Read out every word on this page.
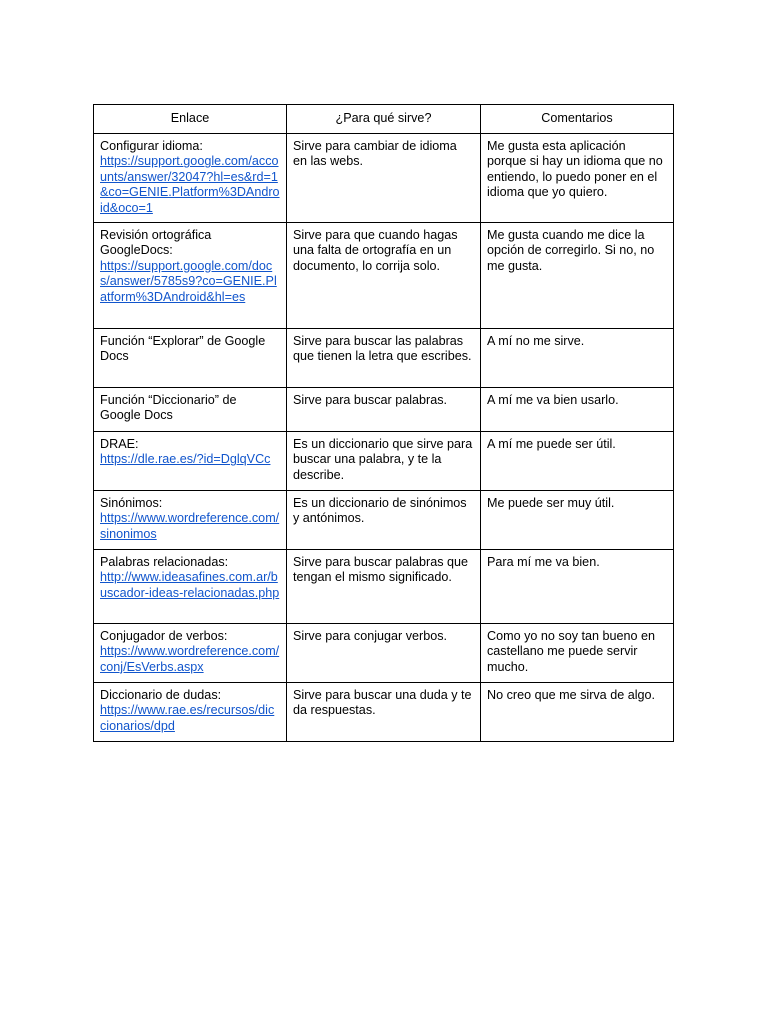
Enlace	¿Para qué sirve?	Comentarios

Configurar idioma:
https://support.google.com/accounts/answer/32047?hl=es&rd=1&co=GENIE.Platform%3DAndroid&oco=1	Sirve para cambiar de idioma en las webs.	Me gusta esta aplicación porque si hay un idioma que no entiendo, lo puedo poner en el idioma que yo quiero.

Revisión ortográfica GoogleDocs:
https://support.google.com/docs/answer/5785s9?co=GENIE.Platform%3DAndroid&hl=es	Sirve para que cuando hagas una falta de ortografía en un documento, lo corrija solo.	Me gusta cuando me dice la opción de corregirlo. Si no, no me gusta.

Función “Explorar” de Google Docs	Sirve para buscar las palabras que tienen la letra que escribes.	A mí no me sirve.

Función “Diccionario” de Google Docs	Sirve para buscar palabras.	A mí me va bien usarlo.

DRAE:
https://dle.rae.es/?id=DglqVCc	Es un diccionario que sirve para buscar una palabra, y te la describe.	A mí me puede ser útil.

Sinónimos:
https://www.wordreference.com/sinonimos	Es un diccionario de sinónimos y antónimos.	Me puede ser muy útil.

Palabras relacionadas:
http://www.ideasafines.com.ar/buscador-ideas-relacionadas.php	Sirve para buscar palabras que tengan el mismo significado.	Para mí me va bien.

Conjugador de verbos:
https://www.wordreference.com/conj/EsVerbs.aspx	Sirve para conjugar verbos.	Como yo no soy tan bueno en castellano me puede servir mucho.

Diccionario de dudas:
https://www.rae.es/recursos/diccionarios/dpd	Sirve para buscar una duda y te da respuestas.	No creo que me sirva de algo.
